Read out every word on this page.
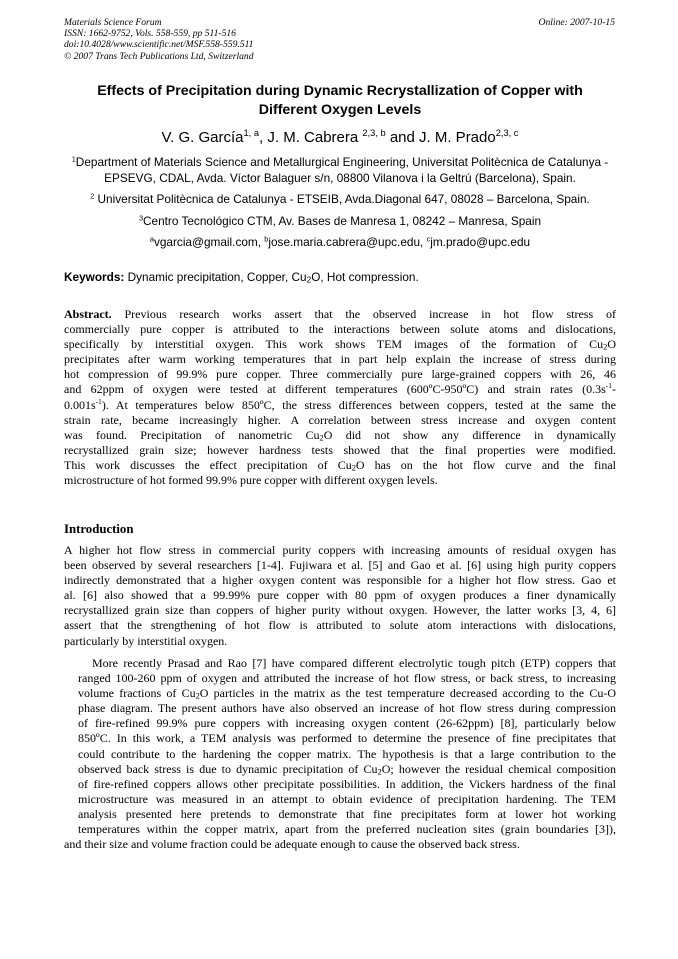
Materials Science Forum
ISSN: 1662-9752, Vols. 558-559, pp 511-516
doi:10.4028/www.scientific.net/MSF.558-559.511
© 2007 Trans Tech Publications Ltd, Switzerland
Online: 2007-10-15
Effects of Precipitation during Dynamic Recrystallization of Copper with
Different Oxygen Levels
V. G. García$^{1, a}$, J. M. Cabrera $^{2,3, b}$ and J. M. Prado$^{2,3, c}$
$^1$Department of Materials Science and Metallurgical Engineering, Universitat Politècnica de Catalunya -
EPSEVG, CDAL, Avda. Víctor Balaguer s/n, 08800 Vilanova i la Geltrú (Barcelona), Spain.
$^2$ Universitat Politècnica de Catalunya - ETSEIB, Avda.Diagonal 647, 08028 – Barcelona, Spain.
$^3$Centro Tecnológico CTM, Av. Bases de Manresa 1, 08242 – Manresa, Spain
$^a$vgarcia@gmail.com, $^b$jose.maria.cabrera@upc.edu, $^c$jm.prado@upc.edu
Keywords: Dynamic precipitation, Copper, $Cu_2O$, Hot compression.
Abstract. Previous research works assert that the observed increase in hot flow stress of
commercially pure copper is attributed to the interactions between solute atoms and dislocations,
specifically by interstitial oxygen. This work shows TEM images of the formation of $Cu_2O$
precipitates after warm working temperatures that in part help explain the increase of stress during
hot compression of 99.9% pure copper. Three commercially pure large-grained coppers with 26, 46
and 62ppm of oxygen were tested at different temperatures (600ºC-950ºC) and strain rates ($0.3s^{-1}-$
$0.001s^{-1}$). At temperatures below 850ºC, the stress differences between coppers, tested at the same the
strain rate, became increasingly higher. A correlation between stress increase and oxygen content
was found. Precipitation of nanometric $Cu_2O$ did not show any difference in dynamically
recrystallized grain size; however hardness tests showed that the final properties were modified.
This work discusses the effect precipitation of $Cu_2O$ has on the hot flow curve and the final
microstructure of hot formed 99.9% pure copper with different oxygen levels.
Introduction
A higher hot flow stress in commercial purity coppers with increasing amounts of residual oxygen has
been observed by several researchers [1-4]. Fujiwara et al. [5] and Gao et al. [6] using high purity coppers
indirectly demonstrated that a higher oxygen content was responsible for a higher hot flow stress. Gao et
al. [6] also showed that a 99.99% pure copper with 80 ppm of oxygen produces a finer dynamically
recrystallized grain size than coppers of higher purity without oxygen. However, the latter works [3, 4, 6]
assert that the strengthening of hot flow is attributed to solute atom interactions with dislocations,
particularly by interstitial oxygen.
More recently Prasad and Rao [7] have compared different electrolytic tough pitch (ETP) coppers that
ranged 100-260 ppm of oxygen and attributed the increase of hot flow stress, or back stress, to increasing
volume fractions of $Cu_2O$ particles in the matrix as the test temperature decreased according to the Cu-O
phase diagram. The present authors have also observed an increase of hot flow stress during compression
of fire-refined 99.9% pure coppers with increasing oxygen content (26-62ppm) [8], particularly below
850ºC. In this work, a TEM analysis was performed to determine the presence of fine precipitates that
could contribute to the hardening the copper matrix. The hypothesis is that a large contribution to the
observed back stress is due to dynamic precipitation of $Cu_2O$; however the residual chemical composition
of fire-refined coppers allows other precipitate possibilities. In addition, the Vickers hardness of the final
microstructure was measured in an attempt to obtain evidence of precipitation hardening. The TEM
analysis presented here pretends to demonstrate that fine precipitates form at lower hot working
temperatures within the copper matrix, apart from the preferred nucleation sites (grain boundaries [3]),
and their size and volume fraction could be adequate enough to cause the observed back stress.
